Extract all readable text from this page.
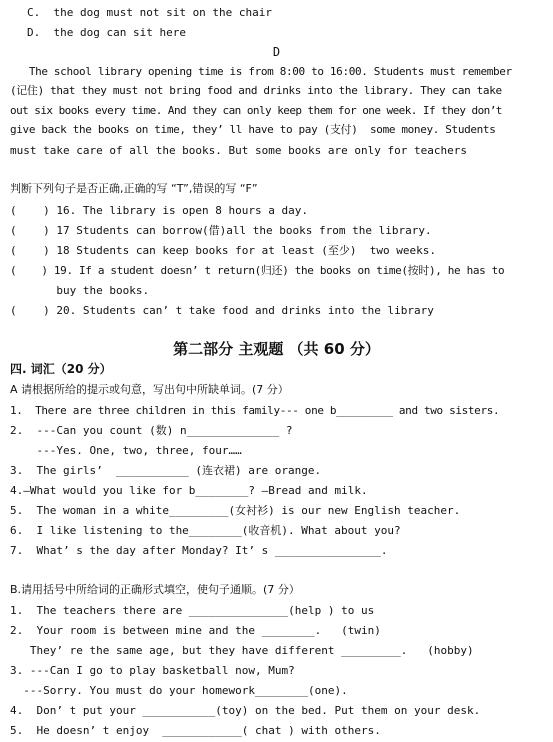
C.  the dog must not sit on the chair
D.  the dog can sit here
D
The school library opening time is from 8:00 to 16:00. Students must remember
(记住) that they must not bring food and drinks into the library. They can take
out six books every time. And they can only keep them for one week. If they don’t
give back the books on time, they’ ll have to pay (支付)  some money. Students
must take care of all the books. But some books are only for teachers
判断下列句子是否正确,正确的写 “T”,错误的写 “F”
(    ) 16. The library is open 8 hours a day.
(    ) 17 Students can borrow(借)all the books from the library.
(    ) 18 Students can keep books for at least (至少)  two weeks.
(    ) 19. If a student doesn’ t return(归还) the books on time(按时), he has to
buy the books.
(    ) 20. Students can’ t take food and drinks into the library
第二部分 主观题 （共 60 分）
四. 词汇（20 分）
A 请根据所给的提示或句意，写出句中所缺单词。(7 分）
1.  There are three children in this family--- one b_________ and two sisters.
2.  ---Can you count (数) n______________ ?
---Yes. One, two, three, four……
3.  The girls’  ___________ (连衣裙) are orange.
4.—What would you like for b________? —Bread and milk.
5.  The woman in a white_________(女衬衫) is our new English teacher.
6.  I like listening to the________(收音机). What about you?
7.  What’ s the day after Monday? It’ s ________________.
B.请用括号中所给词的正确形式填空，使句子通顺。(7 分）
1.  The teachers there are _______________(help ) to us
2.  Your room is between mine and the ________.   (twin)
They’ re the same age, but they have different _________.   (hobby)
3. ---Can I go to play basketball now, Mum?
---Sorry. You must do your homework________(one).
4.  Don’ t put your ___________(toy) on the bed. Put them on your desk.
5.  He doesn’ t enjoy  ____________( chat ) with others.
